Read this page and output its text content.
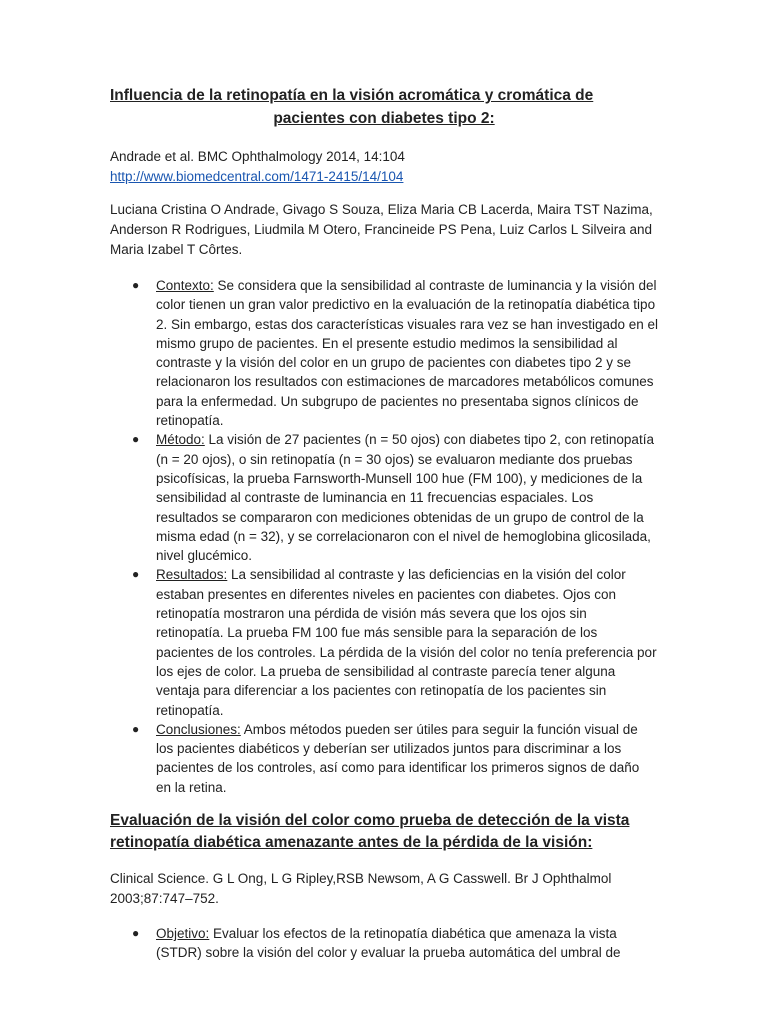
Influencia de la retinopatía en la visión acromática y cromática de
pacientes con diabetes tipo 2:

Andrade et al. BMC Ophthalmology 2014, 14:104

http://www.biomedcentral.com/1471-2415/14/104

Luciana Cristina O Andrade, Givago S Souza, Eliza Maria CB Lacerda, Maira TST Nazima, Anderson R Rodrigues, Liudmila M Otero, Francineide PS Pena, Luiz Carlos L Silveira and Maria Izabel T Côrtes.

● Contexto: Se considera que la sensibilidad al contraste de luminancia y la visión del color tienen un gran valor predictivo en la evaluación de la retinopatía diabética tipo 2. Sin embargo, estas dos características visuales rara vez se han investigado en el mismo grupo de pacientes. En el presente estudio medimos la sensibilidad al contraste y la visión del color en un grupo de pacientes con diabetes tipo 2 y se relacionaron los resultados con estimaciones de marcadores metabólicos comunes para la enfermedad. Un subgrupo de pacientes no presentaba signos clínicos de retinopatía.
● Método: La visión de 27 pacientes (n = 50 ojos) con diabetes tipo 2, con retinopatía (n = 20 ojos), o sin retinopatía (n = 30 ojos) se evaluaron mediante dos pruebas psicofísicas, la prueba Farnsworth-Munsell 100 hue (FM 100), y mediciones de la sensibilidad al contraste de luminancia en 11 frecuencias espaciales. Los resultados se compararon con mediciones obtenidas de un grupo de control de la misma edad (n = 32), y se correlacionaron con el nivel de hemoglobina glicosilada, nivel glucémico.
● Resultados: La sensibilidad al contraste y las deficiencias en la visión del color estaban presentes en diferentes niveles en pacientes con diabetes. Ojos con retinopatía mostraron una pérdida de visión más severa que los ojos sin retinopatía. La prueba FM 100 fue más sensible para la separación de los pacientes de los controles. La pérdida de la visión del color no tenía preferencia por los ejes de color. La prueba de sensibilidad al contraste parecía tener alguna ventaja para diferenciar a los pacientes con retinopatía de los pacientes sin retinopatía.
● Conclusiones: Ambos métodos pueden ser útiles para seguir la función visual de los pacientes diabéticos y deberían ser utilizados juntos para discriminar a los pacientes de los controles, así como para identificar los primeros signos de daño en la retina.
Evaluación de la visión del color como prueba de detección de la vista
retinopatía diabética amenazante antes de la pérdida de la visión:

Clinical Science. G L Ong, L G Ripley,RSB Newsom, A G Casswell. Br J Ophthalmol 2003;87:747–752.

● Objetivo: Evaluar los efectos de la retinopatía diabética que amenaza la vista (STDR) sobre la visión del color y evaluar la prueba automática del umbral de
